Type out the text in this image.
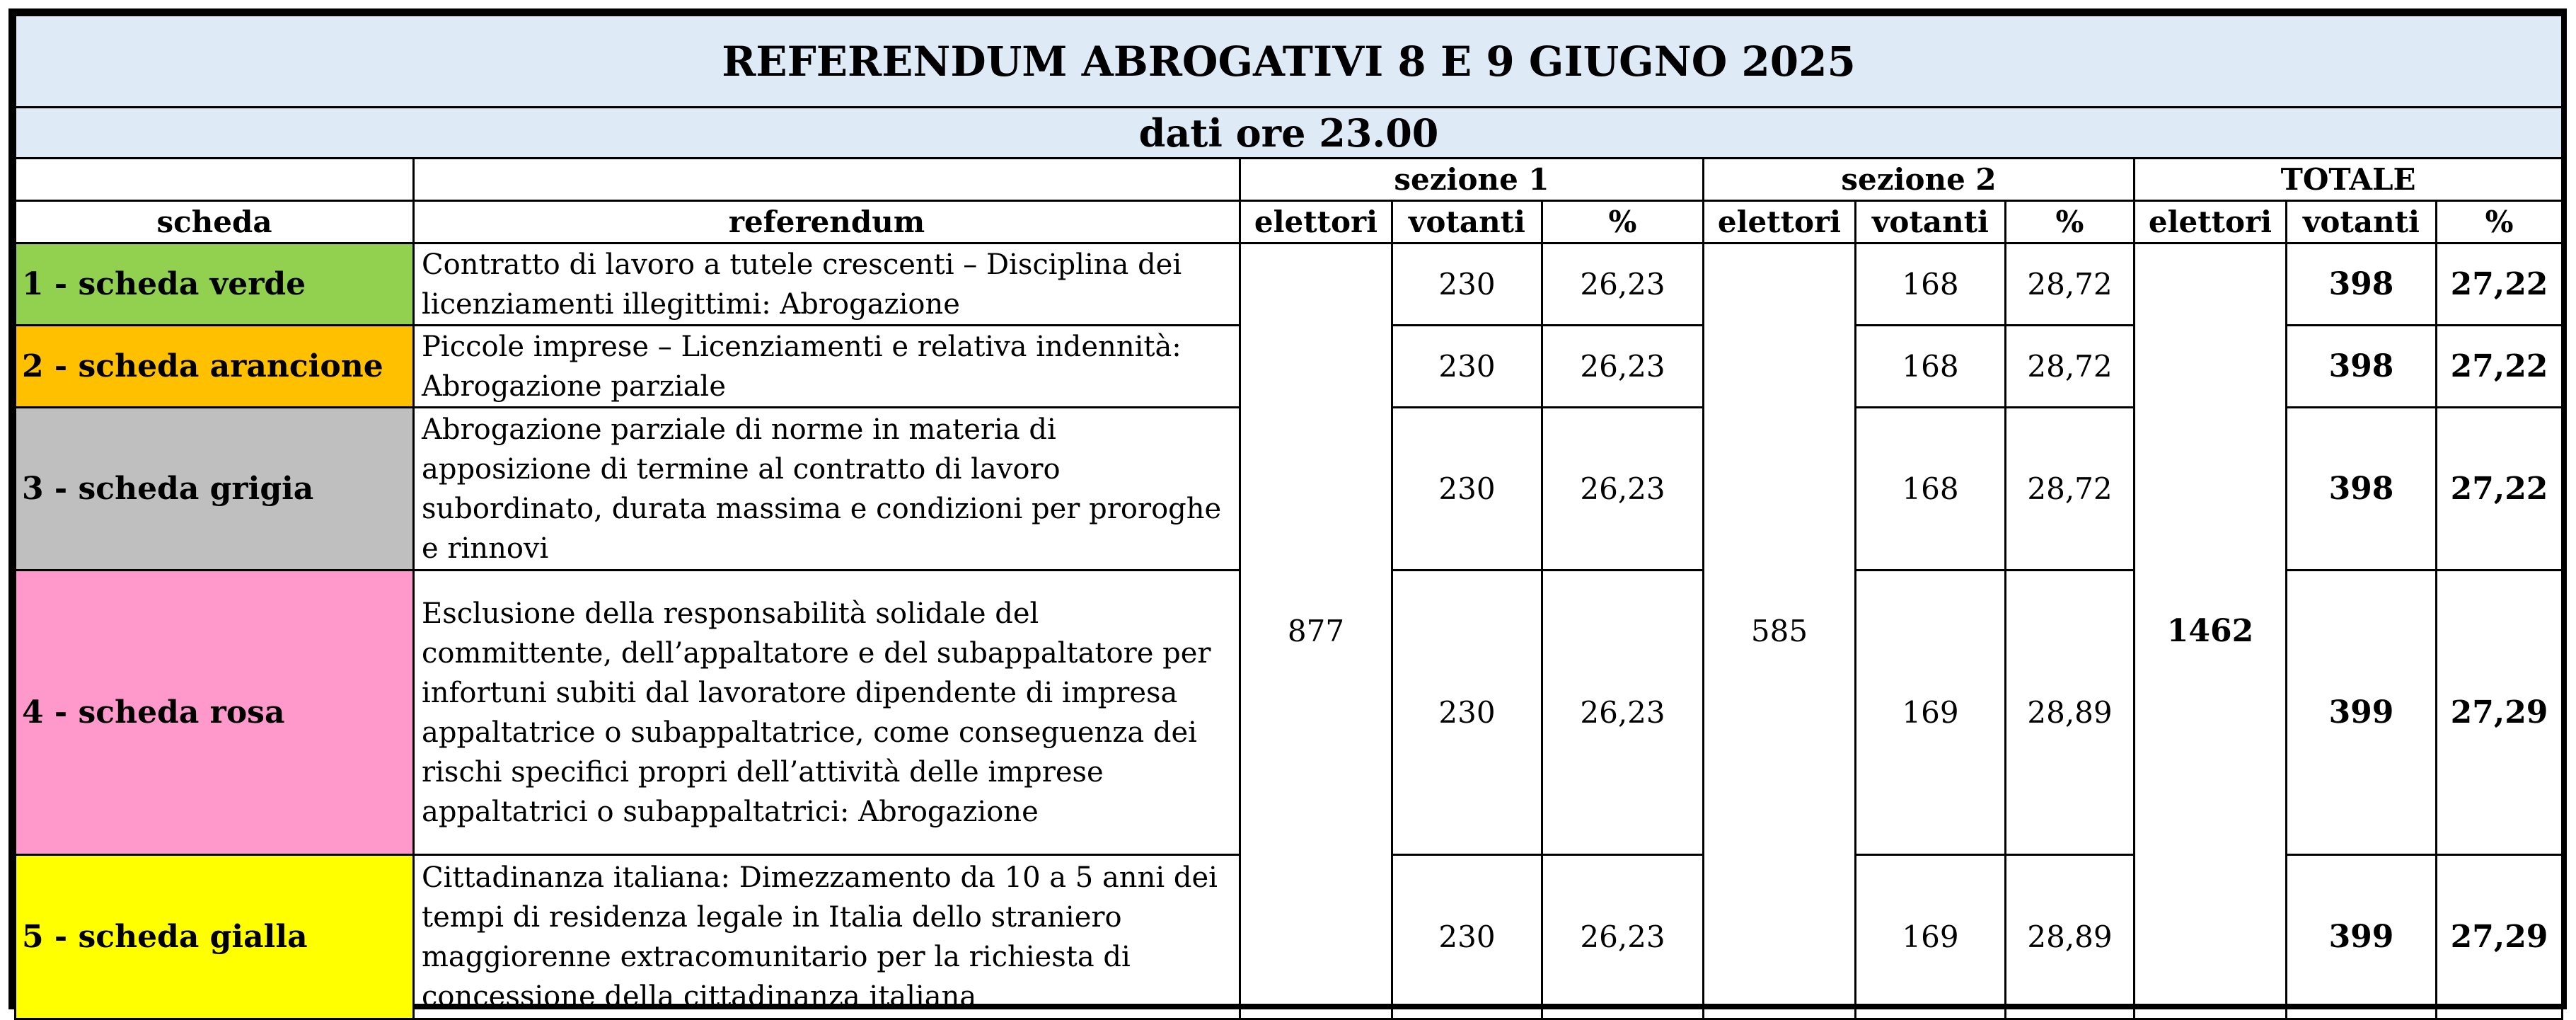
REFERENDUM ABROGATIVI 8 E 9 GIUGNO 2025										
dati ore 23.00										
		sezione 1			sezione 2			TOTALE		
scheda	referendum	elettori	votanti	%	elettori	votanti	%	elettori	votanti	%
1 - scheda verde	Contratto di lavoro a tutele crescenti – Disciplina dei licenziamenti illegittimi: Abrogazione	877	230	26,23	585	168	28,72	1462	398	27,22
2 - scheda arancione	Piccole imprese – Licenziamenti e relativa indennità: Abrogazione parziale		230	26,23		168	28,72		398	27,22
3 - scheda grigia	Abrogazione parziale di norme in materia di apposizione di termine al contratto di lavoro subordinato, durata massima e condizioni per proroghe e rinnovi		230	26,23		168	28,72		398	27,22
4 - scheda rosa	Esclusione della responsabilità solidale del committente, dell’appaltatore e del subappaltatore per infortuni subiti dal lavoratore dipendente di impresa appaltatrice o subappaltatrice, come conseguenza dei rischi specifici propri dell’attività delle imprese appaltatrici o subappaltatrici: Abrogazione		230	26,23		169	28,89		399	27,29
5 - scheda gialla	Cittadinanza italiana: Dimezzamento da 10 a 5 anni dei tempi di residenza legale in Italia dello straniero maggiorenne extracomunitario per la richiesta di concessione della cittadinanza italiana		230	26,23		169	28,89		399	27,29
